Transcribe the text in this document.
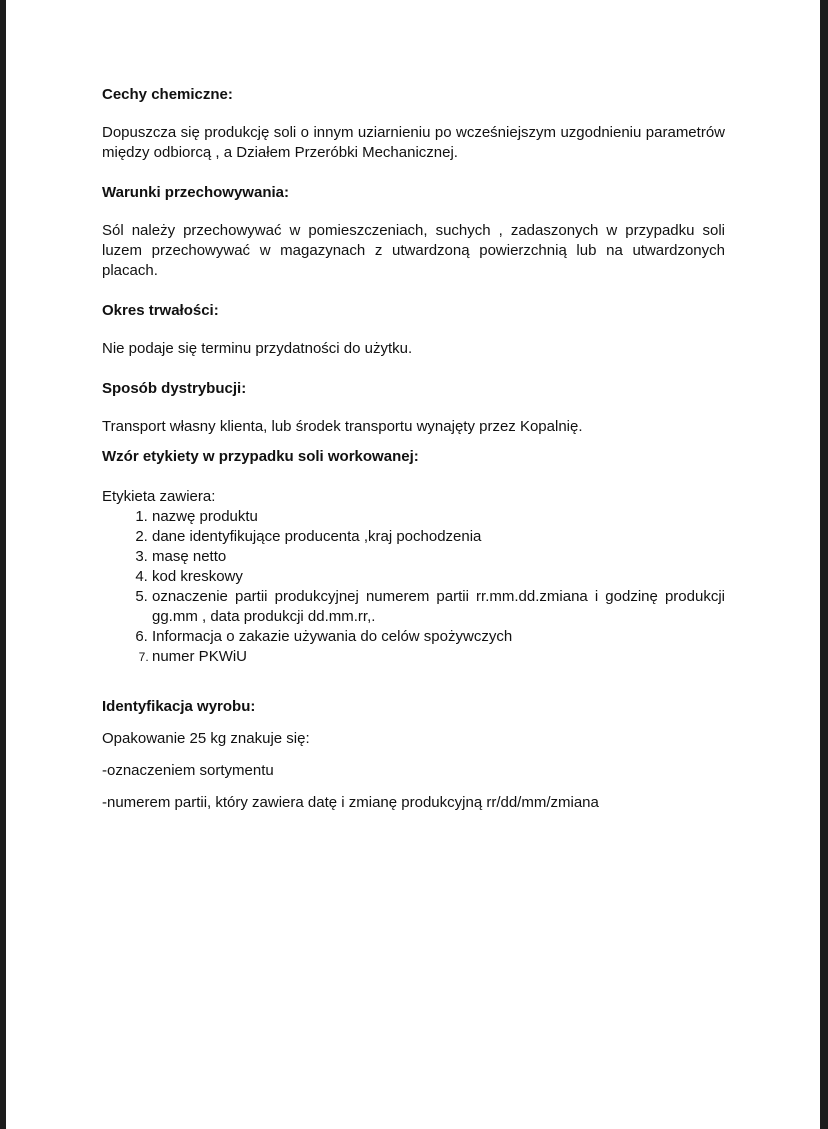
Cechy chemiczne:

Dopuszcza się produkcję soli o innym uziarnieniu po wcześniejszym uzgodnieniu parametrów między odbiorcą , a Działem Przeróbki Mechanicznej.

Warunki przechowywania:

Sól należy przechowywać w pomieszczeniach, suchych , zadaszonych w przypadku soli luzem przechowywać w magazynach z utwardzoną powierzchnią lub na utwardzonych placach.

Okres trwałości:

Nie podaje się terminu przydatności do użytku.

Sposób dystrybucji:

Transport własny klienta, lub środek transportu wynajęty przez Kopalnię.

Wzór etykiety w przypadku soli workowanej:

Etykieta zawiera:

1. nazwę produktu
2. dane identyfikujące producenta ,kraj pochodzenia
3. masę netto
4. kod kreskowy
5. oznaczenie partii produkcyjnej numerem partii rr.mm.dd.zmiana i godzinę produkcji gg.mm , data produkcji dd.mm.rr,.
6. Informacja o zakazie używania do celów spożywczych
7. numer PKWiU
Identyfikacja wyrobu:

Opakowanie 25 kg znakuje się:

-oznaczeniem sortymentu

-numerem partii, który zawiera datę i zmianę produkcyjną rr/dd/mm/zmiana
